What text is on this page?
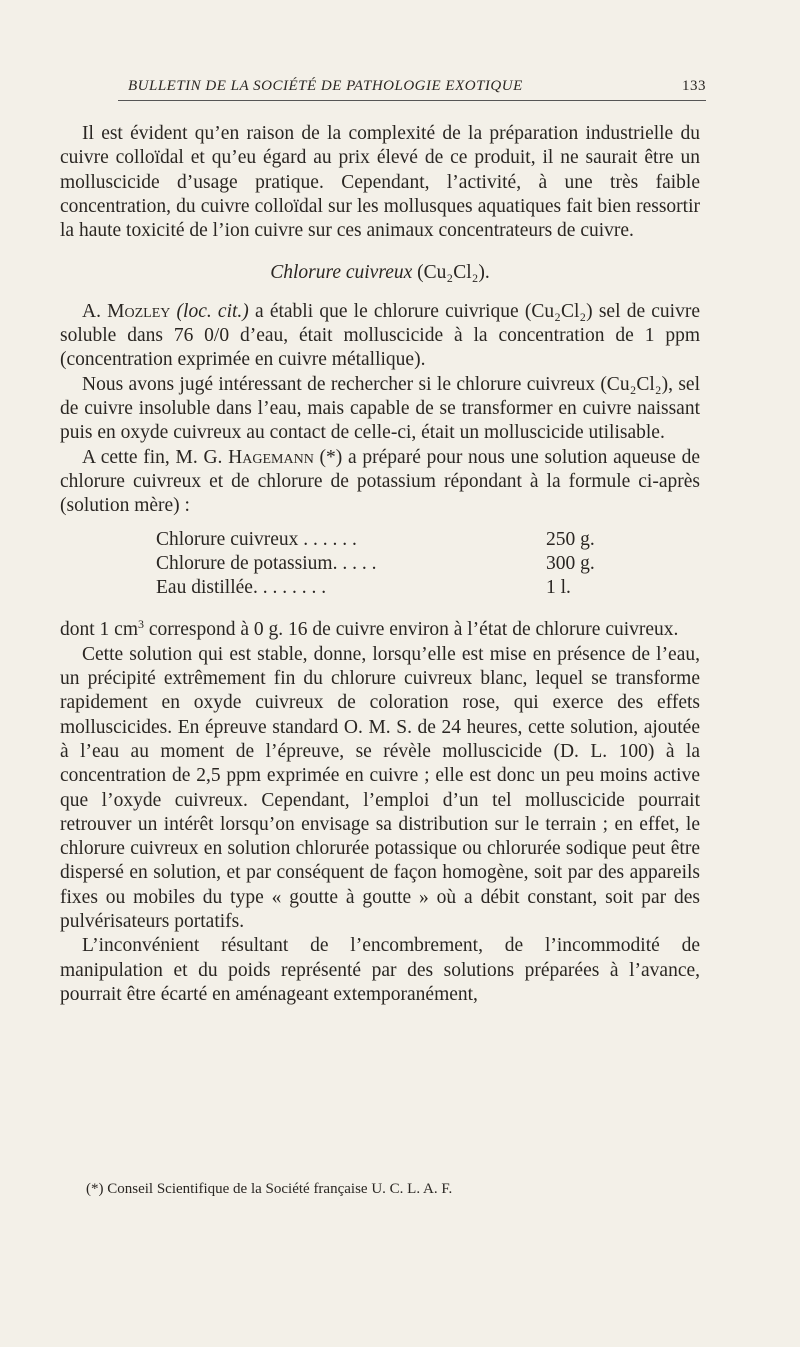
BULLETIN DE LA SOCIÉTÉ DE PATHOLOGIE EXOTIQUE	133

Il est évident qu’en raison de la complexité de la préparation industrielle du cuivre colloïdal et qu’eu égard au prix élevé de ce produit, il ne saurait être un molluscicide d’usage pratique. Cependant, l’activité, à une très faible concentration, du cuivre colloïdal sur les mollusques aquatiques fait bien ressortir la haute toxicité de l’ion cuivre sur ces animaux concentrateurs de cuivre.

Chlorure cuivreux (Cu₂Cl₂).

A. Mozley (loc. cit.) a établi que le chlorure cuivrique (Cu₂Cl₂) sel de cuivre soluble dans 76 0/0 d’eau, était molluscicide à la concentration de 1 ppm (concentration exprimée en cuivre métallique).

Nous avons jugé intéressant de rechercher si le chlorure cuivreux (Cu₂Cl₂), sel de cuivre insoluble dans l’eau, mais capable de se transformer en cuivre naissant puis en oxyde cuivreux au contact de celle-ci, était un molluscicide utilisable.

A cette fin, M. G. Hagemann (*) a préparé pour nous une solution aqueuse de chlorure cuivreux et de chlorure de potassium répondant à la formule ci-après (solution mère) :

Chlorure cuivreux . . . . . .	250 g.
Chlorure de potassium. . . . .	300 g.
Eau distillée. . . . . . . .	1 l.

dont 1 $cm^3$ correspond à 0 g. 16 de cuivre environ à l’état de chlorure cuivreux.

Cette solution qui est stable, donne, lorsqu’elle est mise en présence de l’eau, un précipité extrêmement fin du chlorure cuivreux blanc, lequel se transforme rapidement en oxyde cuivreux de coloration rose, qui exerce des effets molluscicides. En épreuve standard O. M. S. de 24 heures, cette solution, ajoutée à l’eau au moment de l’épreuve, se révèle molluscicide (D. L. 100) à la concentration de 2,5 ppm exprimée en cuivre ; elle est donc un peu moins active que l’oxyde cuivreux. Cependant, l’emploi d’un tel molluscicide pourrait retrouver un intérêt lorsqu’on envisage sa distribution sur le terrain ; en effet, le chlorure cuivreux en solution chlorurée potassique ou chlorurée sodique peut être dispersé en solution, et par conséquent de façon homogène, soit par des appareils fixes ou mobiles du type « goutte à goutte » où a débit constant, soit par des pulvérisateurs portatifs.

L’inconvénient résultant de l’encombrement, de l’incommodité de manipulation et du poids représenté par des solutions préparées à l’avance, pourrait être écarté en aménageant extemporanément,

(*) Conseil Scientifique de la Société française U. C. L. A. F.
